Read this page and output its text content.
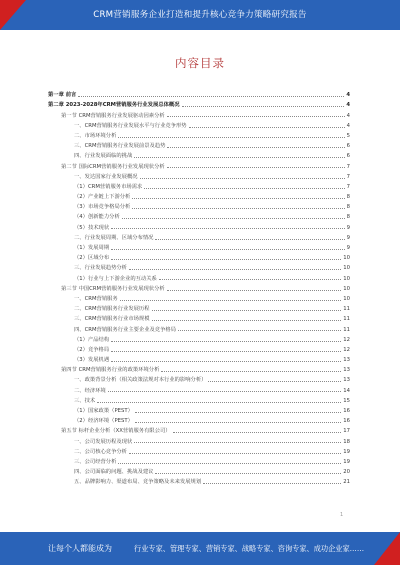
CRM营销服务企业打造和提升核心竞争力策略研究报告
内容目录
第一章 前言	4
第二章 2023-2028年CRM营销服务行业发展总体概况	4
第一节 CRM营销服务行业发展驱动因素分析	4
一、CRM营销服务行业发展水平与行业竞争形势	4
二、市场环境分析	5
三、CRM营销服务行业发展前景及趋势	6
四、行业发展面临的挑战	6
第二节 国际CRM营销服务行业发展现状分析	7
一、发达国家行业发展概况	7
（1）CRM营销服务市场需求	7
（2）产业链上下游分析	8
（3）市场竞争格局分析	8
（4）创新能力分析	8
（5）技术现状	9
二、行业发展周期、区域分布情况	9
（1）发展周期	9
（2）区域分布	10
三、行业发展趋势分析	10
（1）行业与上下游企业的互动关系	10
第三节 中国CRM营销服务行业发展现状分析	10
一、CRM营销服务	10
二、CRM营销服务行业发展历程	11
三、CRM营销服务行业市场规模	11
四、CRM营销服务行业主要企业及竞争格局	11
（1）产品结构	12
（2）竞争格局	12
（3）发展机遇	13
第四节 CRM营销服务行业的政策环境分析	13
一、政策背景分析（相关政策法规对本行业的影响分析）	13
二、经济环境	14
三、技术	15
（1）国家政策（PEST）	16
（2）经济环境（PEST）	16
第五节 标杆企业分析（XX营销服务有限公司）	17
一、公司发展历程及现状	18
二、公司核心竞争分析	19
三、公司经营分析	19
四、公司面临的问题、挑战及建议	20
五、品牌影响力、渠道布局、竞争策略及未来发展规划	21
1
让每个人都能成为	行业专家、管理专家、营销专家、战略专家、咨询专家、成功企业家……
